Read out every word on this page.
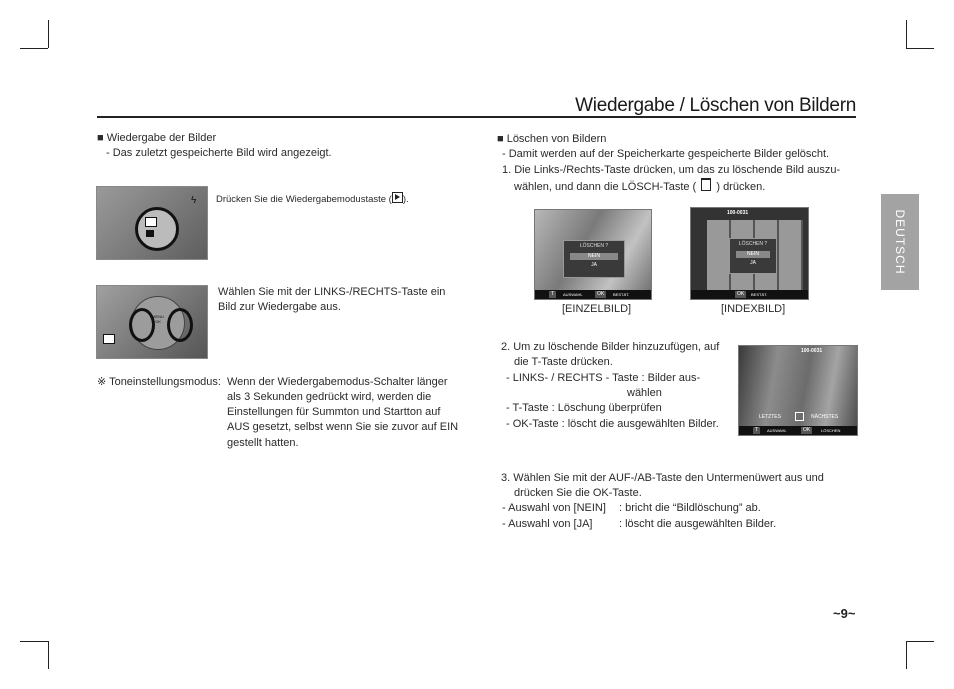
Wiedergabe / Löschen von Bildern
DEUTSCH
■ Wiedergabe der Bilder
- Das zuletzt gespeicherte Bild wird angezeigt.
ϟ Drücken Sie die Wiedergabemodustaste ( ).
MENU OK
Wählen Sie mit der LINKS-/RECHTS-Taste ein
Bild zur Wiedergabe aus.
※ Toneinstellungsmodus: Wenn der Wiedergabemodus-Schalter länger
als 3 Sekunden gedrückt wird, werden die
Einstellungen für Summton und Startton auf
AUS gesetzt, selbst wenn Sie sie zuvor auf EIN
gestellt hatten.
■ Löschen von Bildern
- Damit werden auf der Speicherkarte gespeicherte Bilder gelöscht.
1. Die Links-/Rechts-Taste drücken, um das zu löschende Bild auszu-
wählen, und dann die LÖSCH-Taste ( ) drücken.
LÖSCHEN ?
NEIN
JA
T	AUSWAHL	OK	BESTÄT.
[EINZELBILD]
100-0031
LÖSCHEN ?
NEIN
JA
OK	BESTÄT.
[INDEXBILD]
2. Um zu löschende Bilder hinzuzufügen, auf
die T-Taste drücken.
- LINKS- / RECHTS - Taste : Bilder aus-
wählen
- T-Taste : Löschung überprüfen
- OK-Taste : löscht die ausgewählten Bilder.
100-0031
LETZTES	NÄCHSTES
T	AUSWAHL	OK	LÖSCHEN
3. Wählen Sie mit der AUF-/AB-Taste den Untermenüwert aus und
drücken Sie die OK-Taste.
- Auswahl von [NEIN] : bricht die “Bildlöschung” ab.
- Auswahl von [JA] : löscht die ausgewählten Bilder.
~9~
